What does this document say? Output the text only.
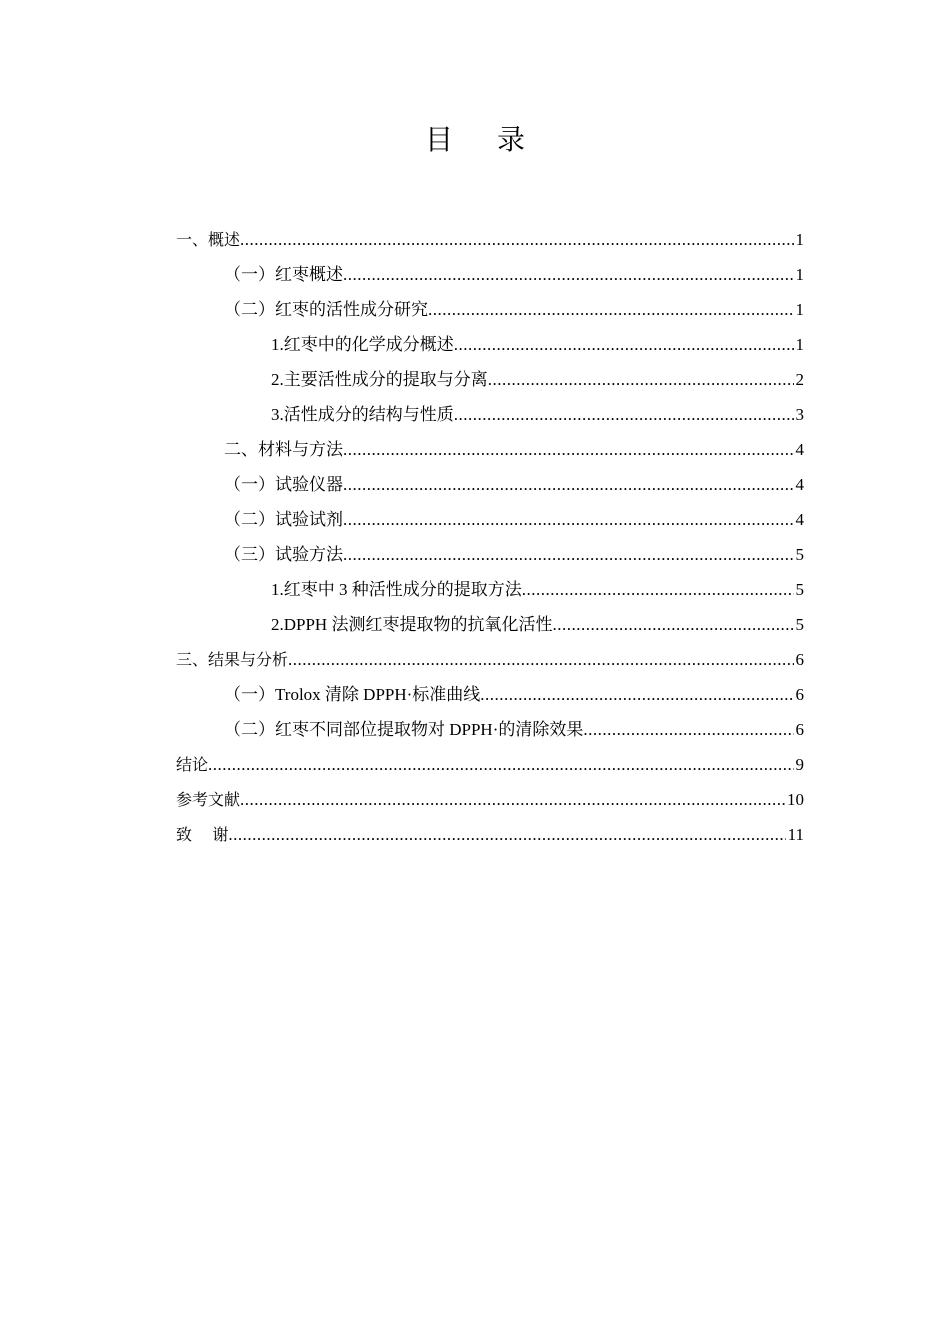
目 录
一、概述 .....	1
（一）红枣概述 .....	1
（二）红枣的活性成分研究 .....	1
1.红枣中的化学成分概述 .....	1
2.主要活性成分的提取与分离 .....	2
3.活性成分的结构与性质 .....	3
二、材料与方法 .....	4
（一）试验仪器 .....	4
（二）试验试剂 .....	4
（三）试验方法 .....	5
1.红枣中 3 种活性成分的提取方法 .....	5
2.DPPH 法测红枣提取物的抗氧化活性 .....	5
三、结果与分析 .....	6
（一）Trolox 清除 DPPH·标准曲线 .....	6
（二）红枣不同部位提取物对 DPPH·的清除效果 .....	6
结论 .....	9
参考文献 .....	10
致    谢 .....	11
